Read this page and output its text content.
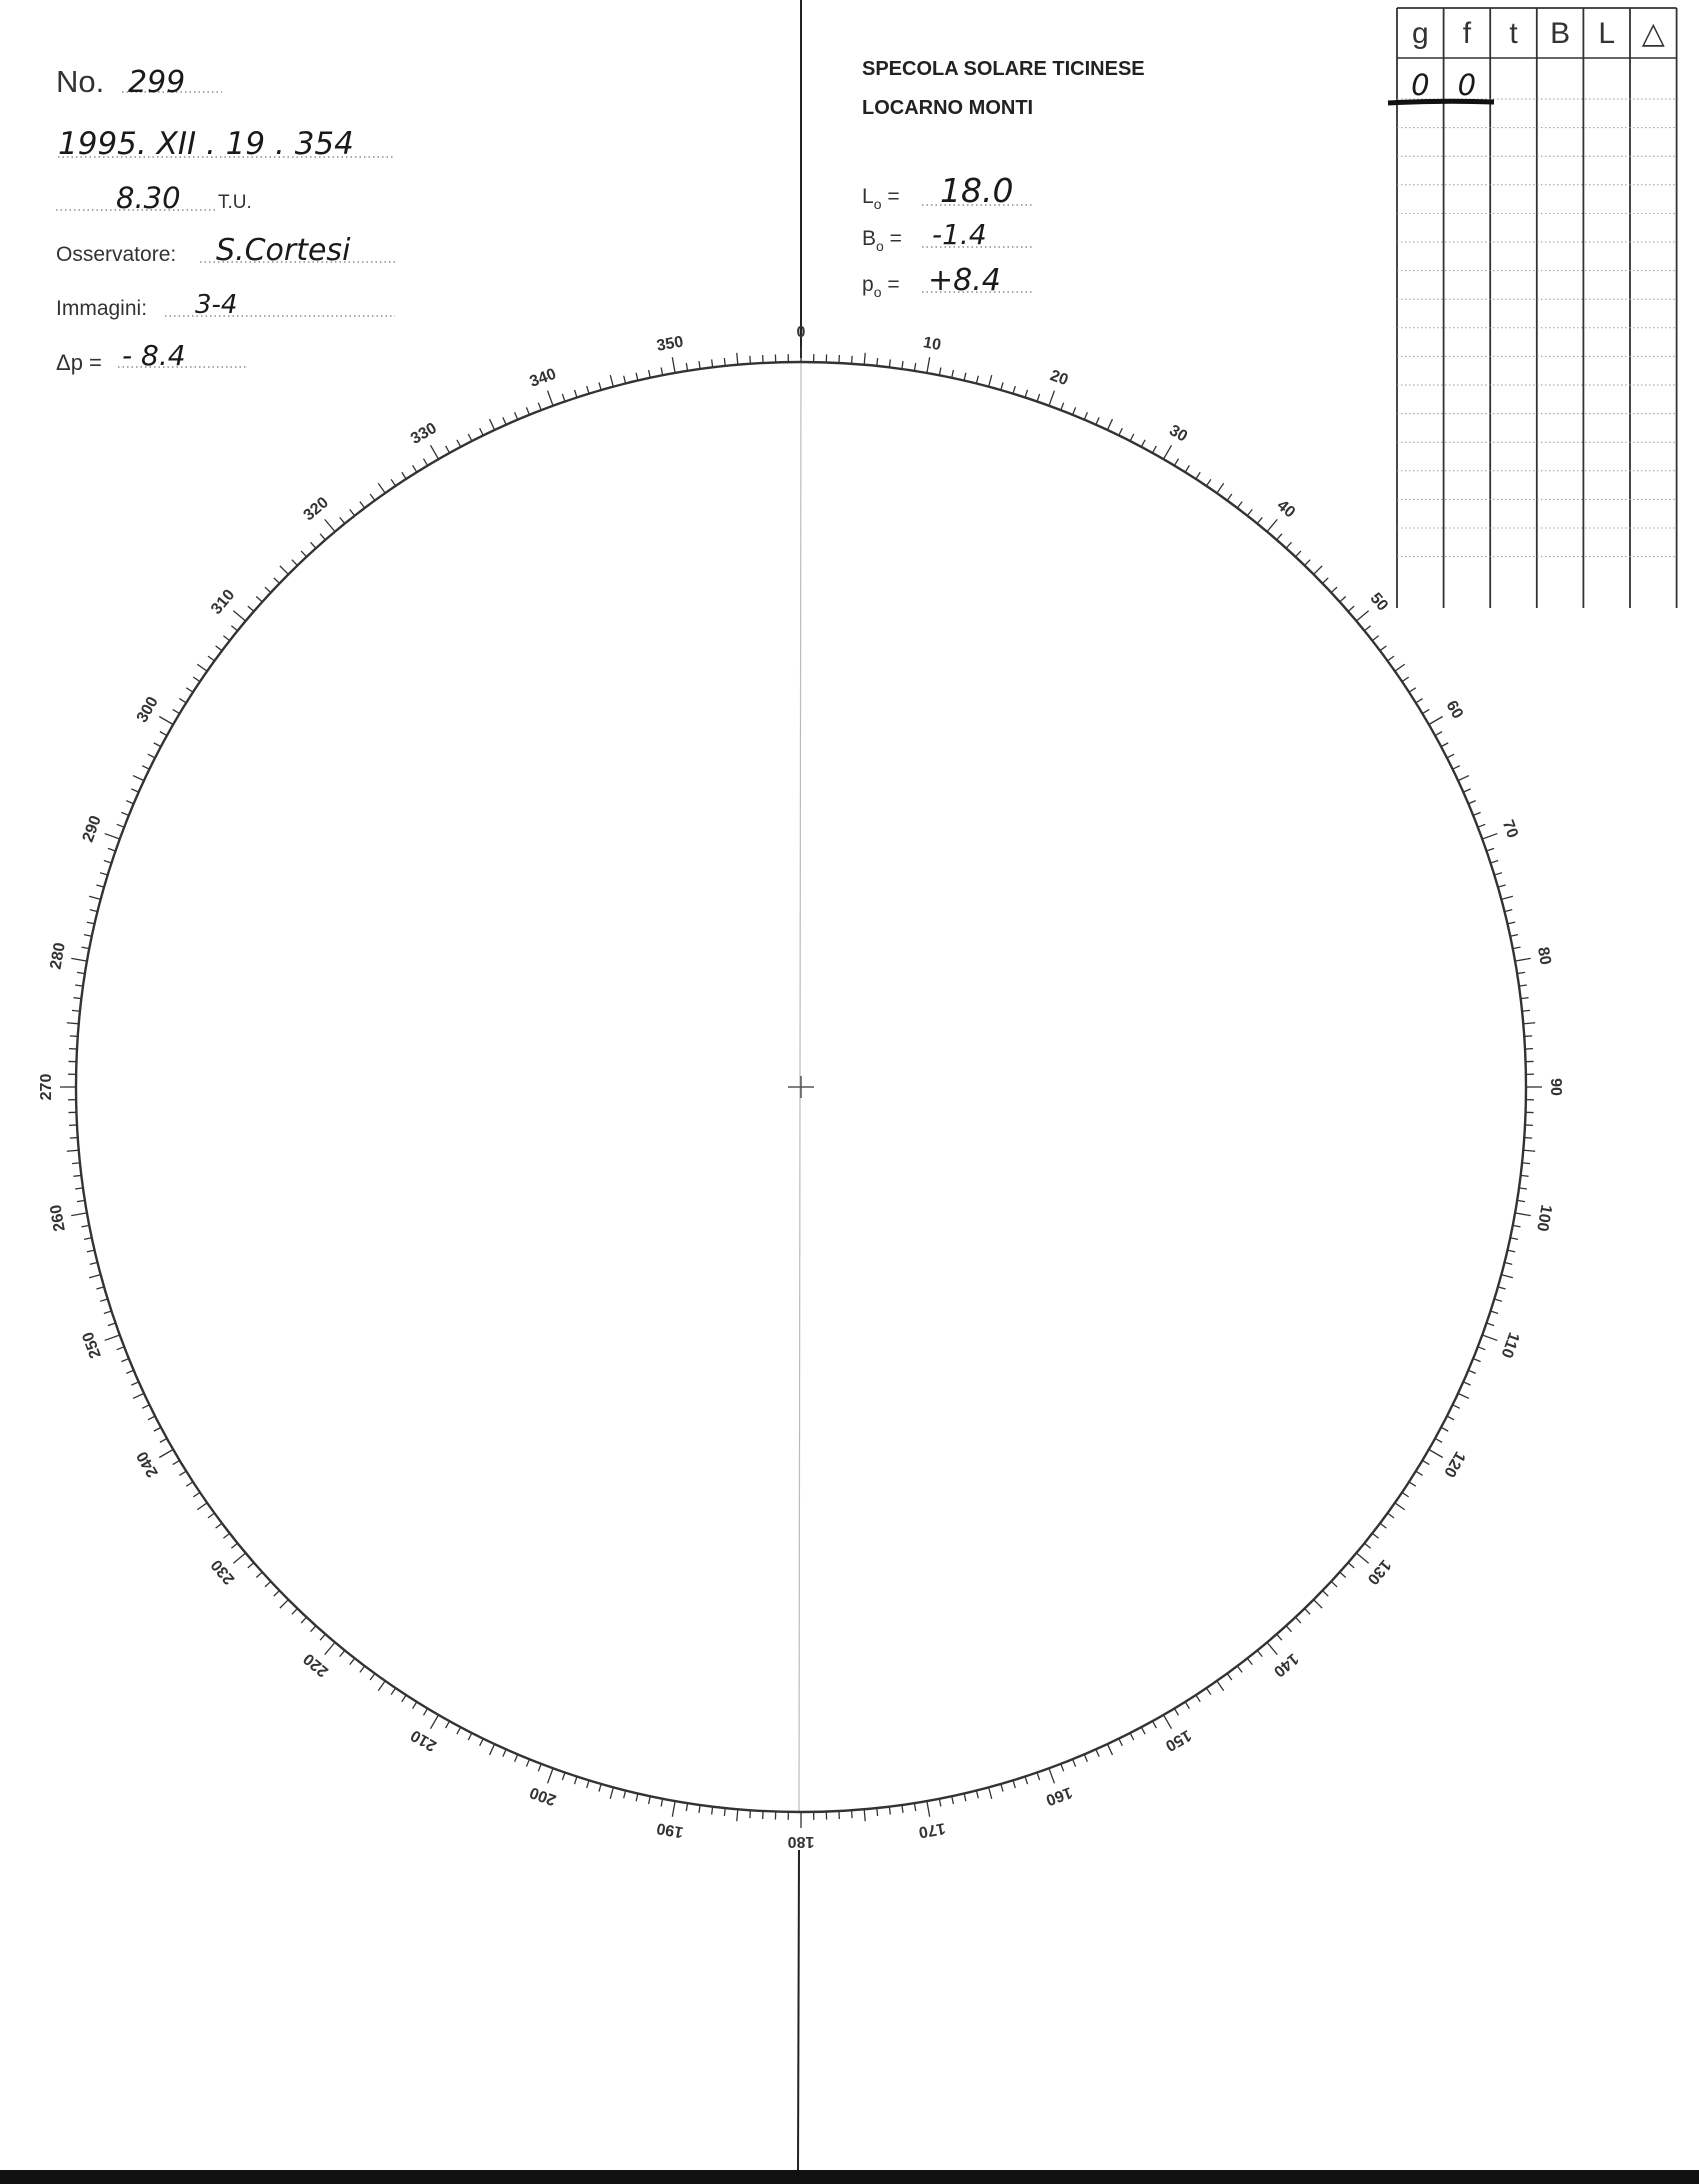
No. 299
1995. XII . 19 . 354
8.30 T.U.
Osservatore: S.Cortesi
Immagini: 3-4
Δp = - 8.4
SPECOLA SOLARE TICINESE
LOCARNO MONTI
$L_o = 18.0$
$B_o = -1.4$
$p_o = +8.4$
g f t B L △
0 0
0
10
20
30
40
50
60
70
80
90
100
110
120
130
140
150
160
170
180
190
200
210
220
230
240
250
260
270
280
290
300
310
320
330
340
350
